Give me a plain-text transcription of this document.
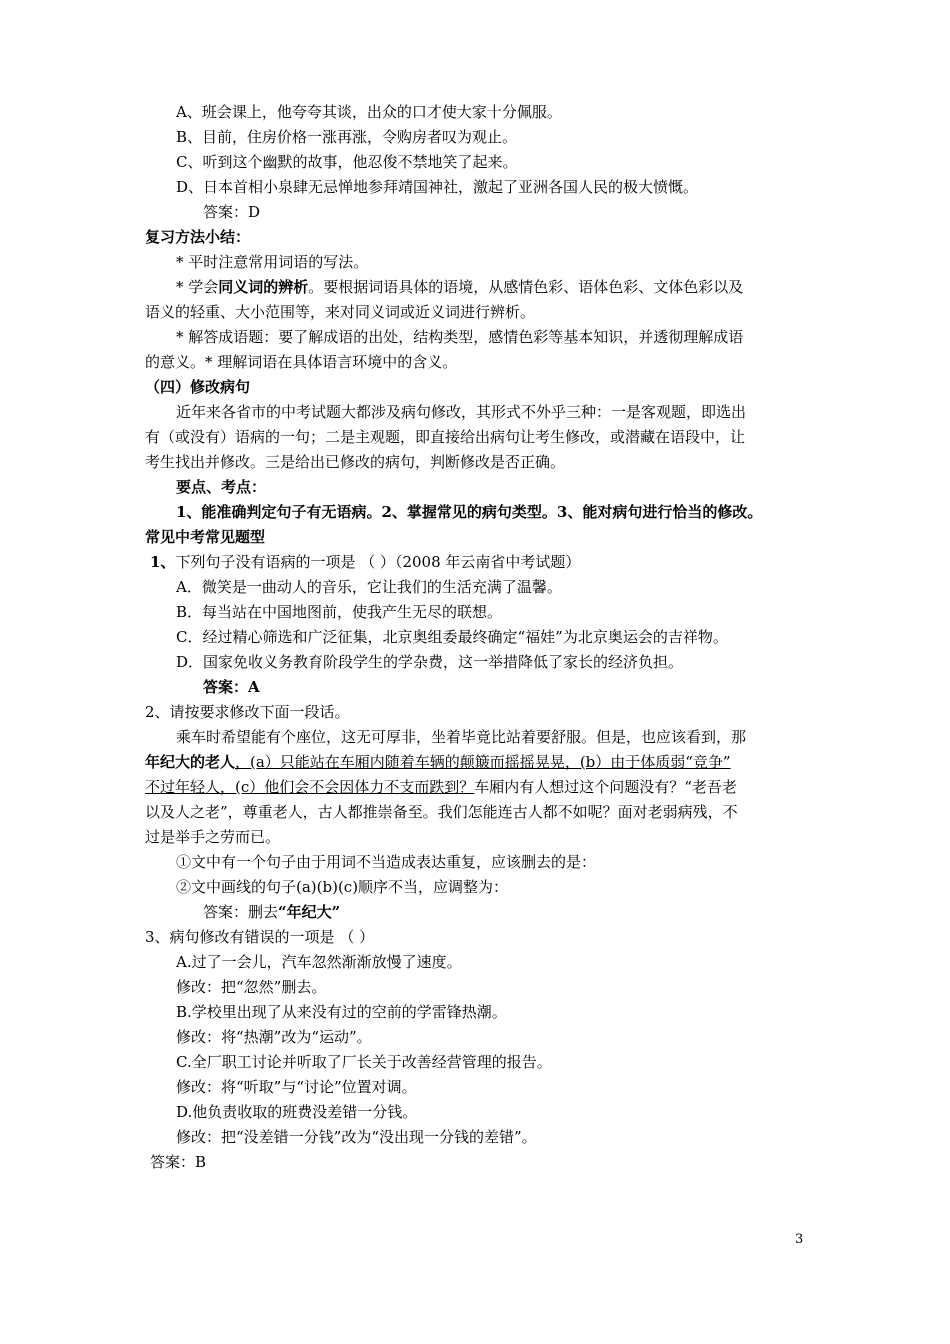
A、班会课上，他夸夸其谈，出众的口才使大家十分佩服。
B、目前，住房价格一涨再涨，令购房者叹为观止。
C、听到这个幽默的故事，他忍俊不禁地笑了起来。
D、日本首相小泉肆无忌惮地参拜靖国神社，激起了亚洲各国人民的极大愤慨。
答案：D
复习方法小结：
* 平时注意常用词语的写法。
* 学会同义词的辨析。要根据词语具体的语境，从感情色彩、语体色彩、文体色彩以及
语义的轻重、大小范围等，来对同义词或近义词进行辨析。
* 解答成语题：要了解成语的出处，结构类型，感情色彩等基本知识，并透彻理解成语
的意义。* 理解词语在具体语言环境中的含义。
（四）修改病句
近年来各省市的中考试题大都涉及病句修改，其形式不外乎三种：一是客观题，即选出
有（或没有）语病的一句；二是主观题，即直接给出病句让考生修改，或潜藏在语段中，让
考生找出并修改。三是给出已修改的病句，判断修改是否正确。
要点、考点：
1、能准确判定句子有无语病。2、掌握常见的病句类型。3、能对病句进行恰当的修改。
常见中考常见题型
1、下列句子没有语病的一项是 （ ）（2008 年云南省中考试题）
A．微笑是一曲动人的音乐，它让我们的生活充满了温馨。
B．每当站在中国地图前，使我产生无尽的联想。
C．经过精心筛选和广泛征集，北京奥组委最终确定“福娃”为北京奥运会的吉祥物。
D．国家免收义务教育阶段学生的学杂费，这一举措降低了家长的经济负担。
答案：A
2、请按要求修改下面一段话。
乘车时希望能有个座位，这无可厚非，坐着毕竟比站着要舒服。但是，也应该看到，那
年纪大的老人，(a）只能站在车厢内随着车辆的颠簸而摇摇晃晃，(b）由于体质弱“竞争”
不过年轻人，(c）他们会不会因体力不支而跌到？车厢内有人想过这个问题没有？“老吾老
以及人之老”，尊重老人，古人都推崇备至。我们怎能连古人都不如呢？面对老弱病残，不
过是举手之劳而已。
①文中有一个句子由于用词不当造成表达重复，应该删去的是：
②文中画线的句子(a)(b)(c)顺序不当，应调整为：
答案：删去“年纪大”
3、病句修改有错误的一项是 （ ）
A.过了一会儿，汽车忽然渐渐放慢了速度。
修改：把“忽然”删去。
B.学校里出现了从来没有过的空前的学雷锋热潮。
修改：将“热潮”改为“运动”。
C.全厂职工讨论并听取了厂长关于改善经营管理的报告。
修改：将“听取”与“讨论”位置对调。
D.他负责收取的班费没差错一分钱。
修改：把“没差错一分钱”改为“没出现一分钱的差错”。
答案：B
3
